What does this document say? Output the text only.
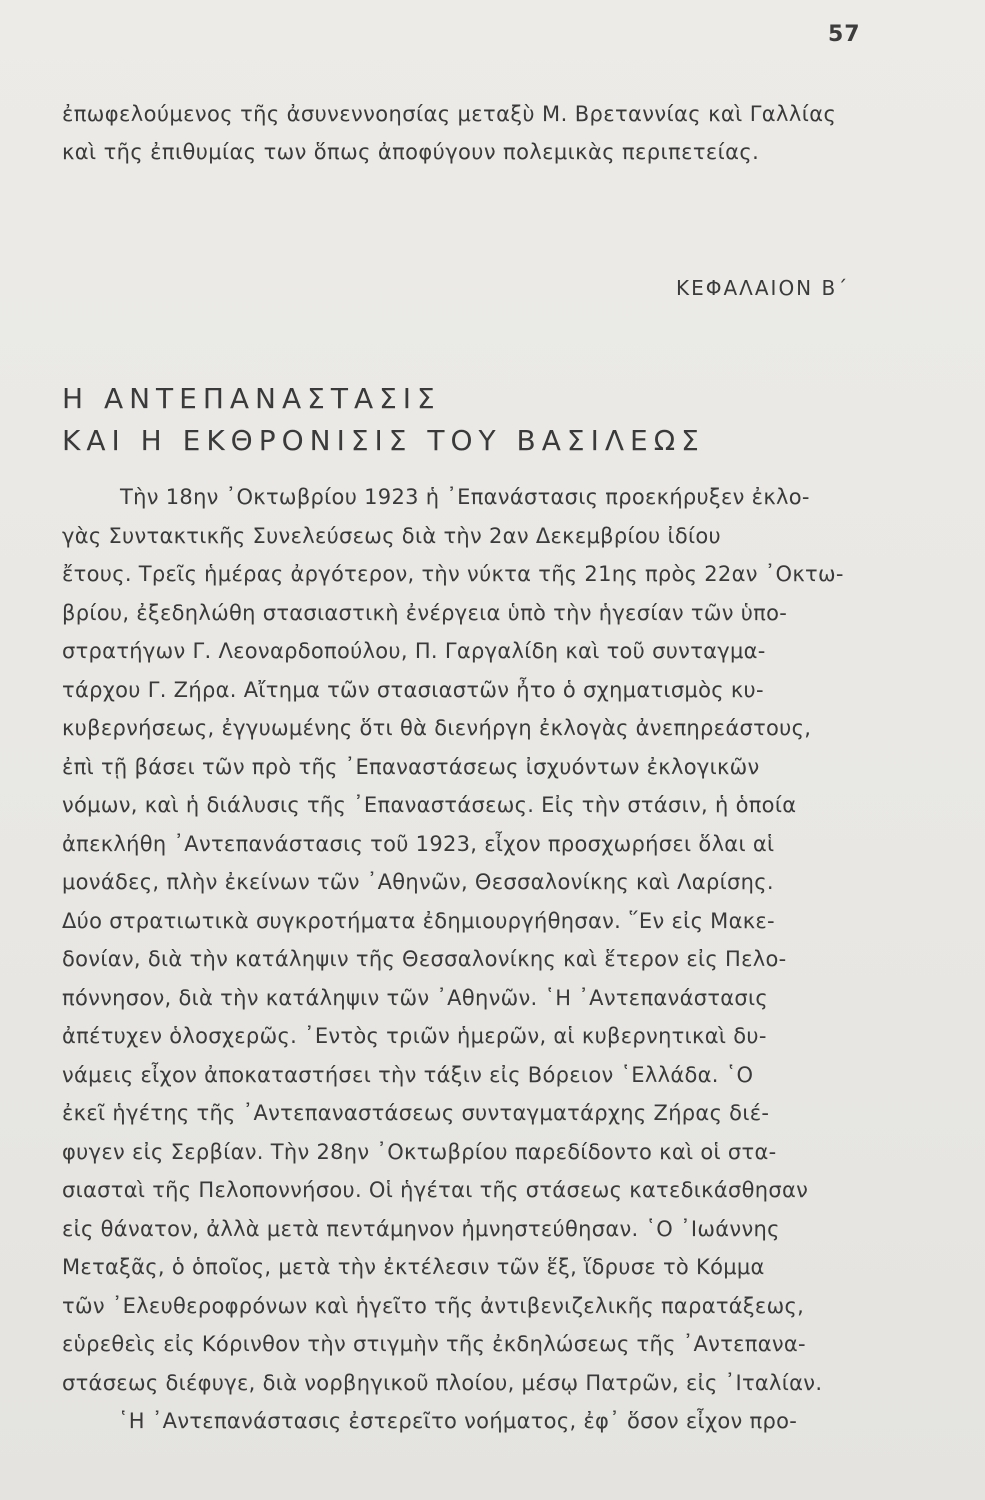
57
ἐπωφελούμενος τῆς ἀσυνεννοησίας μεταξὺ Μ. Βρεταννίας καὶ Γαλλίας
καὶ τῆς ἐπιθυμίας των ὅπως ἀποφύγουν πολεμικὰς περιπετείας.
ΚΕΦΑΛΑΙΟΝ Β΄
Η ΑΝΤΕΠΑΝΑΣΤΑΣΙΣ
ΚΑΙ Η ΕΚΘΡΟΝΙΣΙΣ ΤΟΥ ΒΑΣΙΛΕΩΣ
Τὴν 18ην ᾿Οκτωβρίου 1923 ἡ ᾿Επανάστασις προεκήρυξεν ἐκλο-
γὰς Συντακτικῆς Συνελεύσεως διὰ τὴν 2αν Δεκεμβρίου ἰδίου
ἔτους. Τρεῖς ἡμέρας ἀργότερον, τὴν νύκτα τῆς 21ης πρὸς 22αν ᾿Οκτω-
βρίου, ἐξεδηλώθη στασιαστικὴ ἐνέργεια ὑπὸ τὴν ἡγεσίαν τῶν ὑπο-
στρατήγων Γ. Λεοναρδοπούλου, Π. Γαργαλίδη καὶ τοῦ συνταγμα-
τάρχου Γ. Ζήρα. Αἴτημα τῶν στασιαστῶν ἦτο ὁ σχηματισμὸς κυ-
κυβερνήσεως, ἐγγυωμένης ὅτι θὰ διενήργη ἐκλογὰς ἀνεπηρεάστους,
ἐπὶ τῇ βάσει τῶν πρὸ τῆς ᾿Επαναστάσεως ἰσχυόντων ἐκλογικῶν
νόμων, καὶ ἡ διάλυσις τῆς ᾿Επαναστάσεως. Εἰς τὴν στάσιν, ἡ ὁποία
ἀπεκλήθη ᾿Αντεπανάστασις τοῦ 1923, εἶχον προσχωρήσει ὅλαι αἱ
μονάδες, πλὴν ἐκείνων τῶν ᾿Αθηνῶν, Θεσσαλονίκης καὶ Λαρίσης.
Δύο στρατιωτικὰ συγκροτήματα ἐδημιουργήθησαν. ῞Εν εἰς Μακε-
δονίαν, διὰ τὴν κατάληψιν τῆς Θεσσαλονίκης καὶ ἕτερον εἰς Πελο-
πόννησον, διὰ τὴν κατάληψιν τῶν ᾿Αθηνῶν. ῾Η ᾿Αντεπανάστασις
ἀπέτυχεν ὁλοσχερῶς. ᾿Εντὸς τριῶν ἡμερῶν, αἱ κυβερνητικαὶ δυ-
νάμεις εἶχον ἀποκαταστήσει τὴν τάξιν εἰς Βόρειον ῾Ελλάδα. ῾Ο
ἐκεῖ ἡγέτης τῆς ᾿Αντεπαναστάσεως συνταγματάρχης Ζήρας διέ-
φυγεν εἰς Σερβίαν. Τὴν 28ην ᾿Οκτωβρίου παρεδίδοντο καὶ οἱ στα-
σιασταὶ τῆς Πελοποννήσου. Οἱ ἡγέται τῆς στάσεως κατεδικάσθησαν
εἰς θάνατον, ἀλλὰ μετὰ πεντάμηνον ἠμνηστεύθησαν. ῾Ο ᾿Ιωάννης
Μεταξᾶς, ὁ ὁποῖος, μετὰ τὴν ἐκτέλεσιν τῶν ἕξ, ἵδρυσε τὸ Κόμμα
τῶν ᾿Ελευθεροφρόνων καὶ ἡγεῖτο τῆς ἀντιβενιζελικῆς παρατάξεως,
εὑρεθεὶς εἰς Κόρινθον τὴν στιγμὴν τῆς ἐκδηλώσεως τῆς ᾿Αντεπανα-
στάσεως διέφυγε, διὰ νορβηγικοῦ πλοίου, μέσῳ Πατρῶν, εἰς ᾿Ιταλίαν.
῾Η ᾿Αντεπανάστασις ἐστερεῖτο νοήματος, ἐφ᾿ ὅσον εἶχον προ-
